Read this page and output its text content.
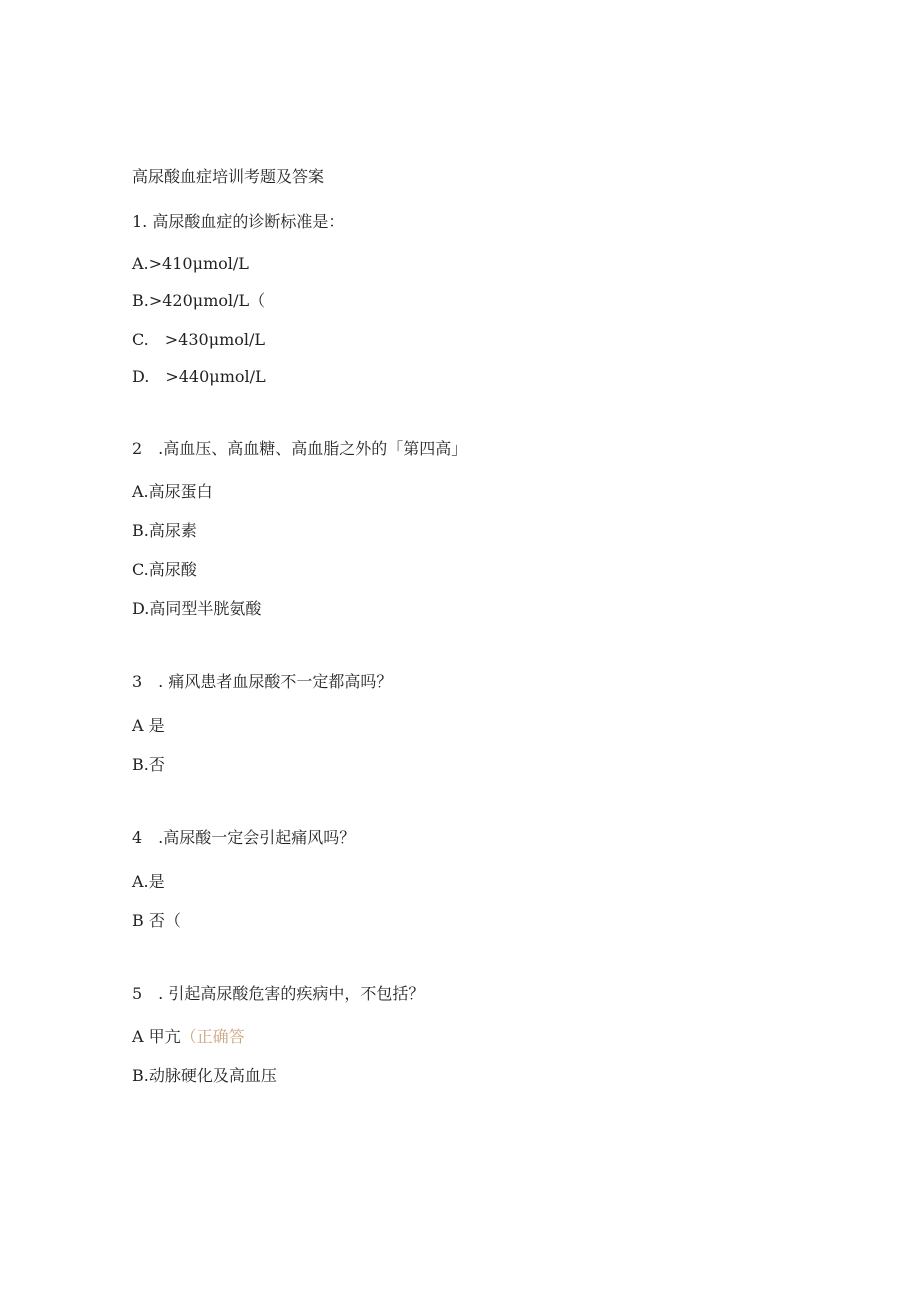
高尿酸血症培训考题及答案
1. 高尿酸血症的诊断标准是：
A.>410μmol/L
B.>420μmol/L（
C.　>430μmol/L
D.　>440μmol/L
2　.高血压、高血糖、高血脂之外的「第四高」
A.高尿蛋白
B.高尿素
C.高尿酸
D.高同型半胱氨酸
3　. 痛风患者血尿酸不一定都高吗？
A 是
B.否
4　.高尿酸一定会引起痛风吗？
A.是
B 否（
5　. 引起高尿酸危害的疾病中，不包括？
A 甲亢（正确答
B.动脉硬化及高血压
